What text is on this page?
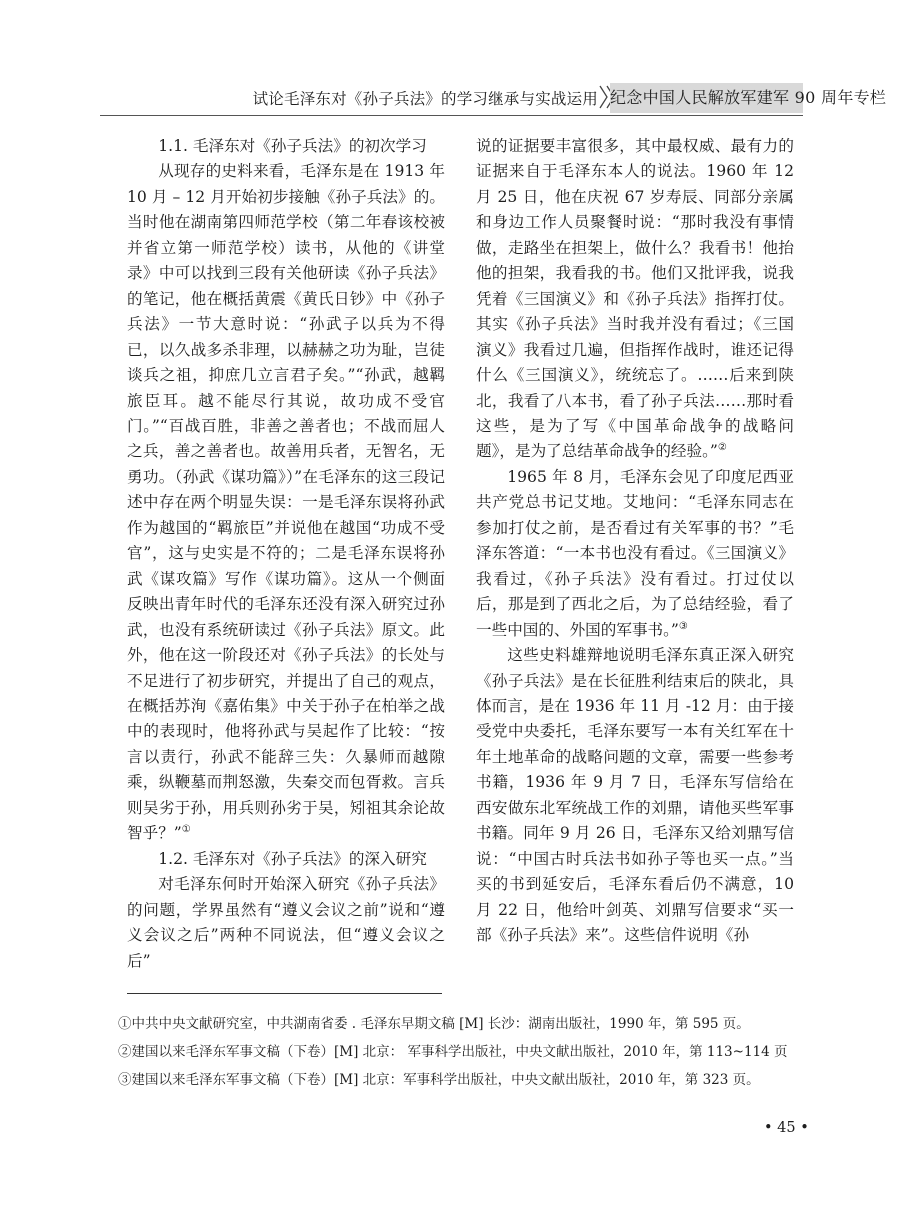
试论毛泽东对《孙子兵法》的学习继承与实战运用 纪念中国人民解放军建军 90 周年专栏
1.1. 毛泽东对《孙子兵法》的初次学习

从现存的史料来看，毛泽东是在 1913 年 10 月 – 12 月开始初步接触《孙子兵法》的。当时他在湖南第四师范学校（第二年春该校被并省立第一师范学校）读书，从他的《讲堂录》中可以找到三段有关他研读《孙子兵法》的笔记，他在概括黄震《黄氏日钞》中《孙子兵法》一节大意时说：“孙武子以兵为不得已，以久战多杀非理，以赫赫之功为耻，岂徒谈兵之祖，抑庶几立言君子矣。”“孙武，越羁旅臣耳。越不能尽行其说，故功成不受官门。”“百战百胜，非善之善者也；不战而屈人之兵，善之善者也。故善用兵者，无智名，无勇功。（孙武《谋功篇》）”在毛泽东的这三段记述中存在两个明显失误：一是毛泽东误将孙武作为越国的“羁旅臣”并说他在越国“功成不受官”，这与史实是不符的；二是毛泽东误将孙武《谋攻篇》写作《谋功篇》。这从一个侧面反映出青年时代的毛泽东还没有深入研究过孙武，也没有系统研读过《孙子兵法》原文。此外，他在这一阶段还对《孙子兵法》的长处与不足进行了初步研究，并提出了自己的观点，在概括苏洵《嘉佑集》中关于孙子在柏举之战中的表现时，他将孙武与吴起作了比较：“按言以责行，孙武不能辞三失：久暴师而越隙乘，纵鞭墓而荆怒激，失秦交而包胥救。言兵则吴劣于孙，用兵则孙劣于吴，矧祖其余论故智乎？”①

1.2. 毛泽东对《孙子兵法》的深入研究

对毛泽东何时开始深入研究《孙子兵法》的问题，学界虽然有“遵义会议之前”说和“遵义会议之后”两种不同说法，但“遵义会议之后”

说的证据要丰富很多，其中最权威、最有力的证据来自于毛泽东本人的说法。1960 年 12 月 25 日，他在庆祝 67 岁寿辰、同部分亲属和身边工作人员聚餐时说：“那时我没有事情做，走路坐在担架上，做什么？我看书！他抬他的担架，我看我的书。他们又批评我，说我凭着《三国演义》和《孙子兵法》指挥打仗。其实《孙子兵法》当时我并没有看过；《三国演义》我看过几遍，但指挥作战时，谁还记得什么《三国演义》，统统忘了。……后来到陕北，我看了八本书，看了孙子兵法……那时看这些，是为了写《中国革命战争的战略问题》，是为了总结革命战争的经验。”②

1965 年 8 月，毛泽东会见了印度尼西亚共产党总书记艾地。艾地问：“毛泽东同志在参加打仗之前，是否看过有关军事的书？”毛泽东答道：“一本书也没有看过。《三国演义》我看过，《孙子兵法》没有看过。打过仗以后，那是到了西北之后，为了总结经验，看了一些中国的、外国的军事书。”③

这些史料雄辩地说明毛泽东真正深入研究《孙子兵法》是在长征胜利结束后的陕北，具体而言，是在 1936 年 11 月 -12 月：由于接受党中央委托，毛泽东要写一本有关红军在十年土地革命的战略问题的文章，需要一些参考书籍，1936 年 9 月 7 日，毛泽东写信给在西安做东北军统战工作的刘鼎，请他买些军事书籍。同年 9 月 26 日，毛泽东又给刘鼎写信说：“中国古时兵法书如孙子等也买一点。”当买的书到延安后，毛泽东看后仍不满意，10 月 22 日，他给叶剑英、刘鼎写信要求“买一部《孙子兵法》来”。这些信件说明《孙

①中共中央文献研究室，中共湖南省委 . 毛泽东早期文稿 [M] 长沙：湖南出版社，1990 年，第 595 页。

②建国以来毛泽东军事文稿（下卷）[M] 北京： 军事科学出版社，中央文献出版社，2010 年，第 113~114 页

③建国以来毛泽东军事文稿（下卷）[M] 北京：军事科学出版社，中央文献出版社，2010 年，第 323 页。

• 45 •
